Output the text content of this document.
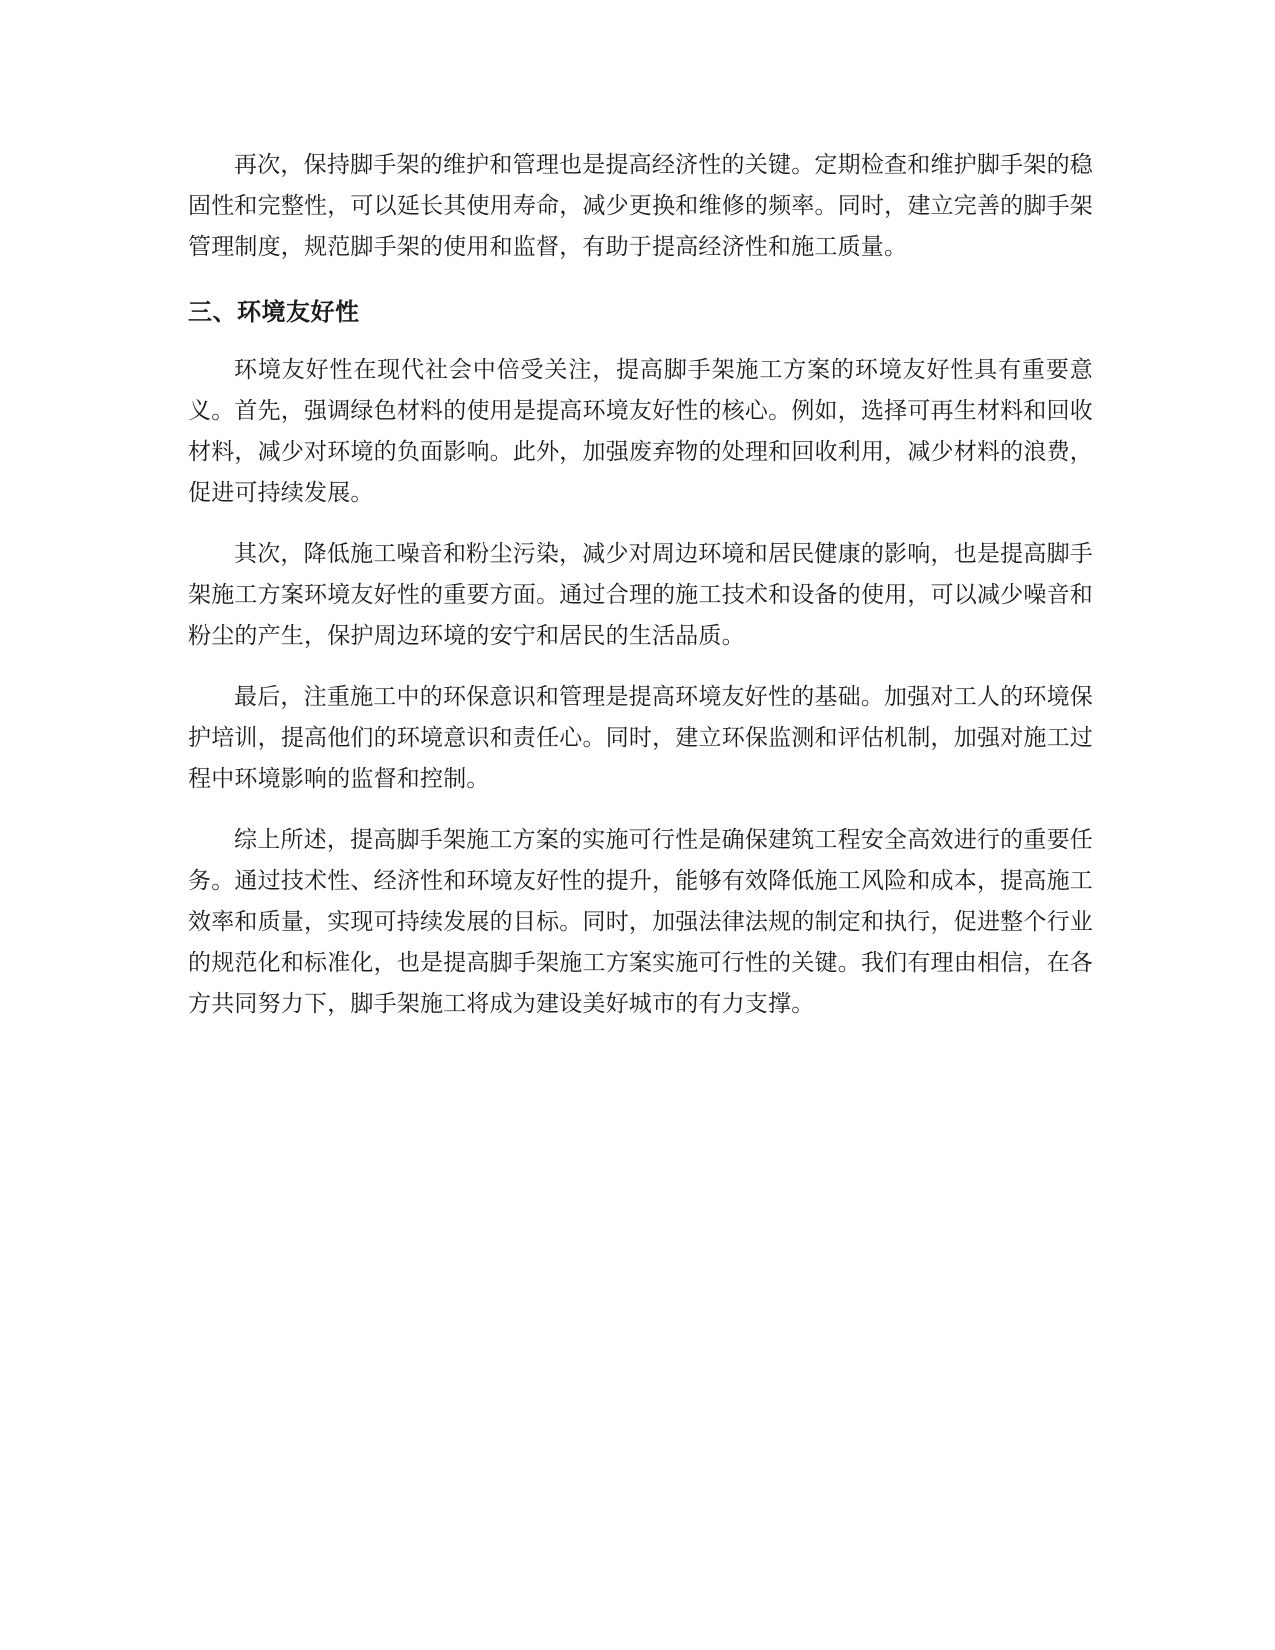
再次，保持脚手架的维护和管理也是提高经济性的关键。定期检查和维护脚手架的稳固性和完整性，可以延长其使用寿命，减少更换和维修的频率。同时，建立完善的脚手架管理制度，规范脚手架的使用和监督，有助于提高经济性和施工质量。

三、环境友好性

环境友好性在现代社会中倍受关注，提高脚手架施工方案的环境友好性具有重要意义。首先，强调绿色材料的使用是提高环境友好性的核心。例如，选择可再生材料和回收材料，减少对环境的负面影响。此外，加强废弃物的处理和回收利用，减少材料的浪费，促进可持续发展。

其次，降低施工噪音和粉尘污染，减少对周边环境和居民健康的影响，也是提高脚手架施工方案环境友好性的重要方面。通过合理的施工技术和设备的使用，可以减少噪音和粉尘的产生，保护周边环境的安宁和居民的生活品质。

最后，注重施工中的环保意识和管理是提高环境友好性的基础。加强对工人的环境保护培训，提高他们的环境意识和责任心。同时，建立环保监测和评估机制，加强对施工过程中环境影响的监督和控制。

综上所述，提高脚手架施工方案的实施可行性是确保建筑工程安全高效进行的重要任务。通过技术性、经济性和环境友好性的提升，能够有效降低施工风险和成本，提高施工效率和质量，实现可持续发展的目标。同时，加强法律法规的制定和执行，促进整个行业的规范化和标准化，也是提高脚手架施工方案实施可行性的关键。我们有理由相信，在各方共同努力下，脚手架施工将成为建设美好城市的有力支撑。
